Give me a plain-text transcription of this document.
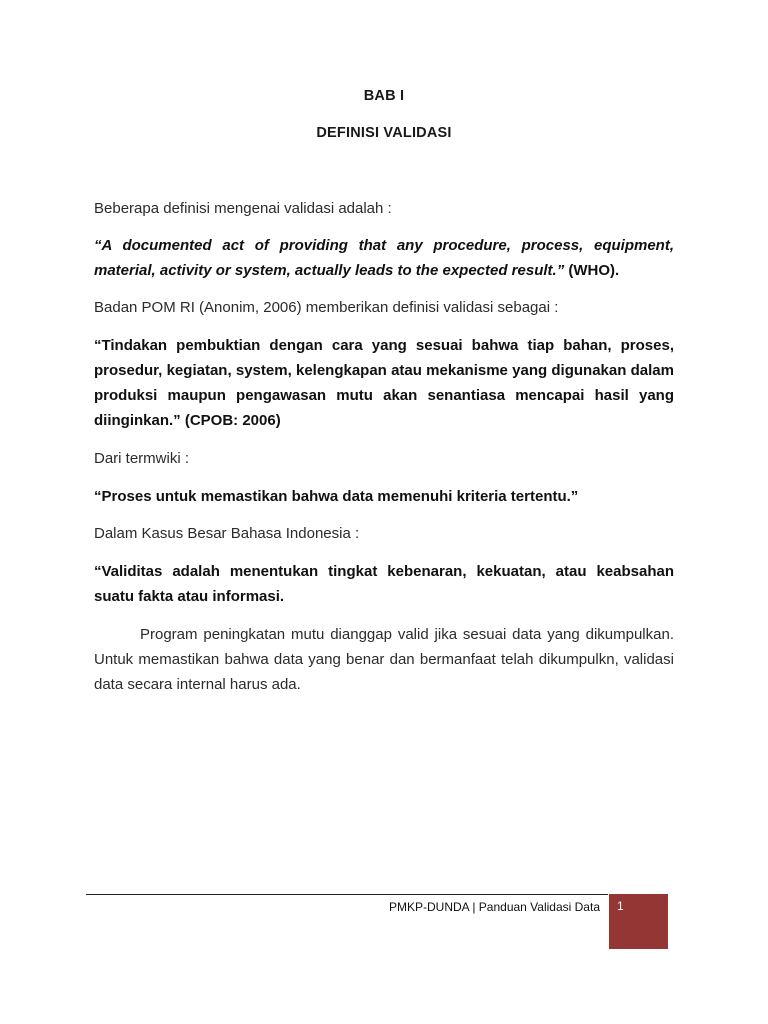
BAB I
DEFINISI VALIDASI
Beberapa definisi mengenai validasi adalah :
“A documented act of providing that any procedure, process, equipment, material, activity or system, actually leads to the expected result.” (WHO).
Badan POM RI (Anonim, 2006) memberikan definisi validasi sebagai :
“Tindakan pembuktian dengan cara yang sesuai bahwa tiap bahan, proses, prosedur, kegiatan, system, kelengkapan atau mekanisme yang digunakan dalam produksi maupun pengawasan mutu akan senantiasa mencapai hasil yang diinginkan.” (CPOB: 2006)
Dari termwiki :
“Proses untuk memastikan bahwa data memenuhi kriteria tertentu.”
Dalam Kasus Besar Bahasa Indonesia :
“Validitas adalah menentukan tingkat kebenaran, kekuatan, atau keabsahan suatu fakta atau informasi.
Program peningkatan mutu dianggap valid jika sesuai data yang dikumpulkan. Untuk memastikan bahwa data yang benar dan bermanfaat telah dikumpulkn, validasi data secara internal harus ada.
PMKP-DUNDA | Panduan Validasi Data 1
